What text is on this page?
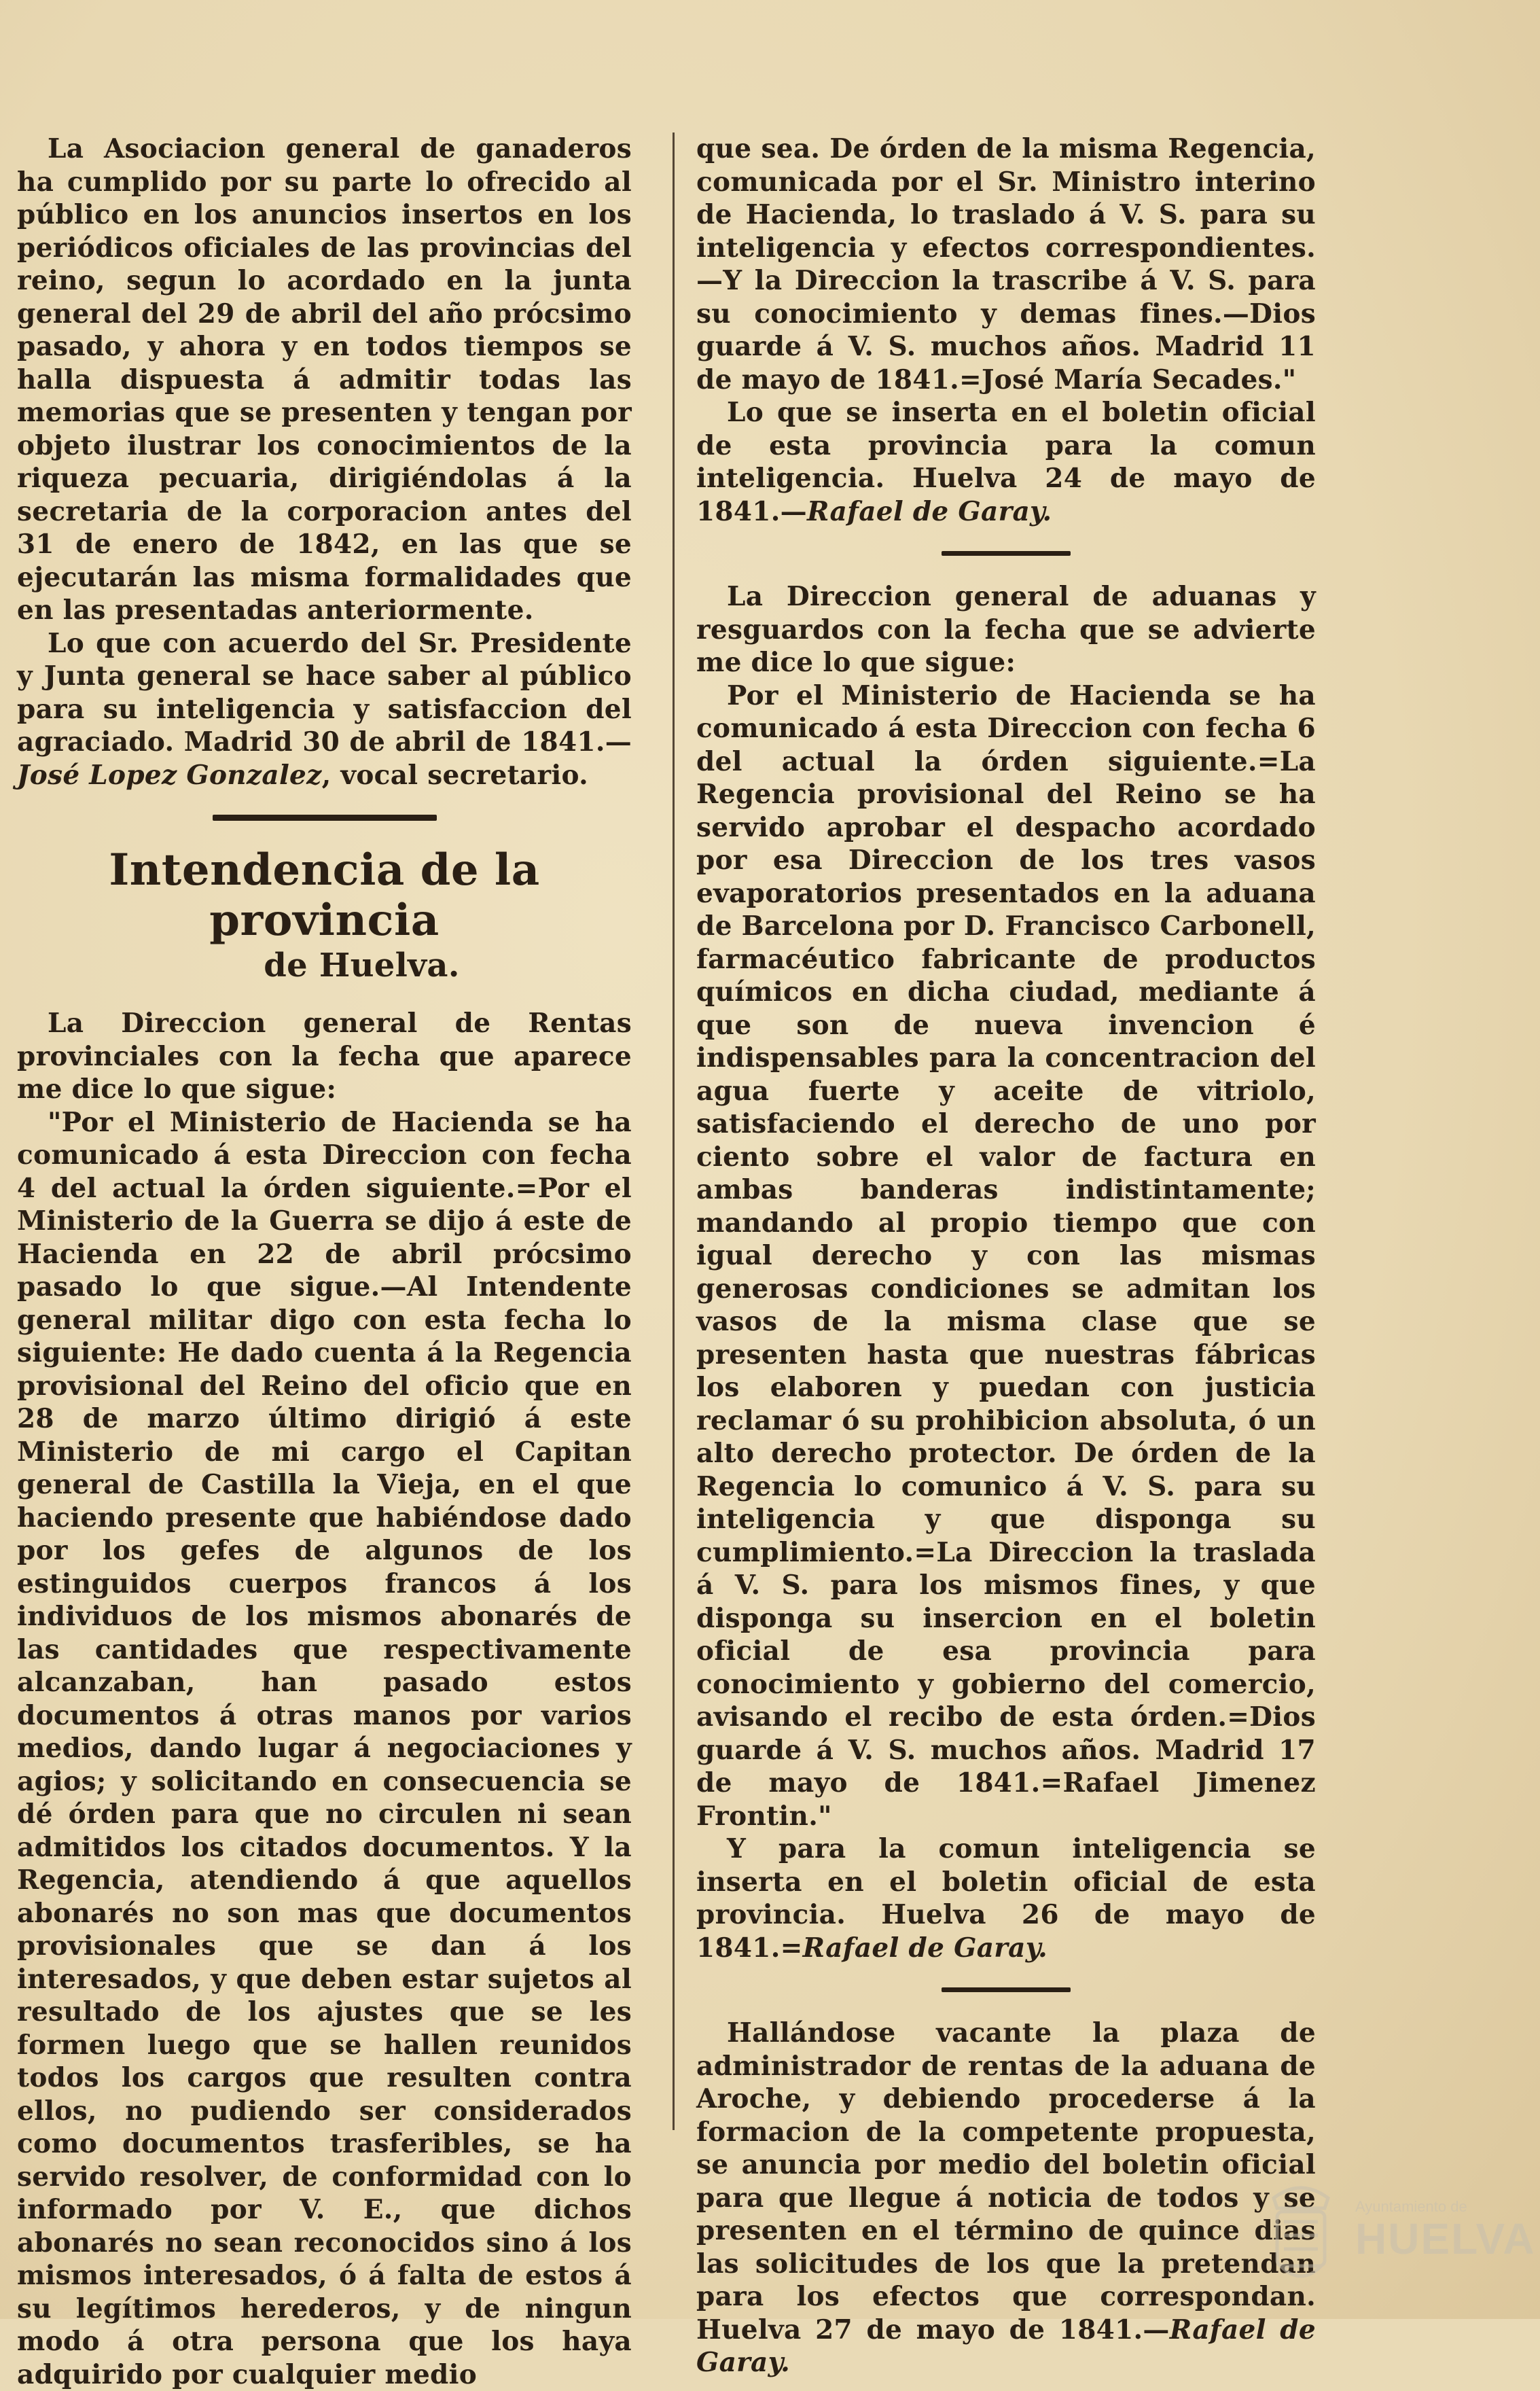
La Asociacion general de ganaderos ha cumplido por su parte lo ofrecido al público en los anuncios insertos en los periódicos oficiales de las provincias del reino, segun lo acordado en la junta general del 29 de abril del año prócsimo pasado, y ahora y en todos tiempos se halla dispuesta á admitir todas las memorias que se presenten y tengan por objeto ilustrar los conocimientos de la riqueza pecuaria, dirigiéndolas á la secretaria de la corporacion antes del 31 de enero de 1842, en las que se ejecutarán las misma formalidades que en las presentadas anteriormente.

Lo que con acuerdo del Sr. Presidente y Junta general se hace saber al público para su inteligencia y satisfaccion del agraciado. Madrid 30 de abril de 1841.—José Lopez Gonzalez, vocal secretario.

Intendencia de la provincia
de Huelva.

La Direccion general de Rentas provinciales con la fecha que aparece me dice lo que sigue:

"Por el Ministerio de Hacienda se ha comunicado á esta Direccion con fecha 4 del actual la órden siguiente.=Por el Ministerio de la Guerra se dijo á este de Hacienda en 22 de abril prócsimo pasado lo que sigue.—Al Intendente general militar digo con esta fecha lo siguiente: He dado cuenta á la Regencia provisional del Reino del oficio que en 28 de marzo último dirigió á este Ministerio de mi cargo el Capitan general de Castilla la Vieja, en el que haciendo presente que habiéndose dado por los gefes de algunos de los estinguidos cuerpos francos á los individuos de los mismos abonarés de las cantidades que respectivamente alcanzaban, han pasado estos documentos á otras manos por varios medios, dando lugar á negociaciones y agios; y solicitando en consecuencia se dé órden para que no circulen ni sean admitidos los citados documentos. Y la Regencia, atendiendo á que aquellos abonarés no son mas que documentos provisionales que se dan á los interesados, y que deben estar sujetos al resultado de los ajustes que se les formen luego que se hallen reunidos todos los cargos que resulten contra ellos, no pudiendo ser considerados como documentos trasferibles, se ha servido resolver, de conformidad con lo informado por V. E., que dichos abonarés no sean reconocidos sino á los mismos interesados, ó á falta de estos á su legítimos herederos, y de ningun modo á otra persona que los haya adquirido por cualquier medio

que sea. De órden de la misma Regencia, comunicada por el Sr. Ministro interino de Hacienda, lo traslado á V. S. para su inteligencia y efectos correspondientes.—Y la Direccion la trascribe á V. S. para su conocimiento y demas fines.—Dios guarde á V. S. muchos años. Madrid 11 de mayo de 1841.=José María Secades."

Lo que se inserta en el boletin oficial de esta provincia para la comun inteligencia. Huelva 24 de mayo de 1841.—Rafael de Garay.

La Direccion general de aduanas y resguardos con la fecha que se advierte me dice lo que sigue:

Por el Ministerio de Hacienda se ha comunicado á esta Direccion con fecha 6 del actual la órden siguiente.=La Regencia provisional del Reino se ha servido aprobar el despacho acordado por esa Direccion de los tres vasos evaporatorios presentados en la aduana de Barcelona por D. Francisco Carbonell, farmacéutico fabricante de productos químicos en dicha ciudad, mediante á que son de nueva invencion é indispensables para la concentracion del agua fuerte y aceite de vitriolo, satisfaciendo el derecho de uno por ciento sobre el valor de factura en ambas banderas indistintamente; mandando al propio tiempo que con igual derecho y con las mismas generosas condiciones se admitan los vasos de la misma clase que se presenten hasta que nuestras fábricas los elaboren y puedan con justicia reclamar ó su prohibicion absoluta, ó un alto derecho protector. De órden de la Regencia lo comunico á V. S. para su inteligencia y que disponga su cumplimiento.=La Direccion la traslada á V. S. para los mismos fines, y que disponga su insercion en el boletin oficial de esa provincia para conocimiento y gobierno del comercio, avisando el recibo de esta órden.=Dios guarde á V. S. muchos años. Madrid 17 de mayo de 1841.=Rafael Jimenez Frontin."

Y para la comun inteligencia se inserta en el boletin oficial de esta provincia. Huelva 26 de mayo de 1841.=Rafael de Garay.

Hallándose vacante la plaza de administrador de rentas de la aduana de Aroche, y debiendo procederse á la formacion de la competente propuesta, se anuncia por medio del boletin oficial para que llegue á noticia de todos y se presenten en el término de quince dias las solicitudes de los que la pretendan para los efectos que correspondan. Huelva 27 de mayo de 1841.—Rafael de Garay.

Ayuntamiento de
HUELVA
